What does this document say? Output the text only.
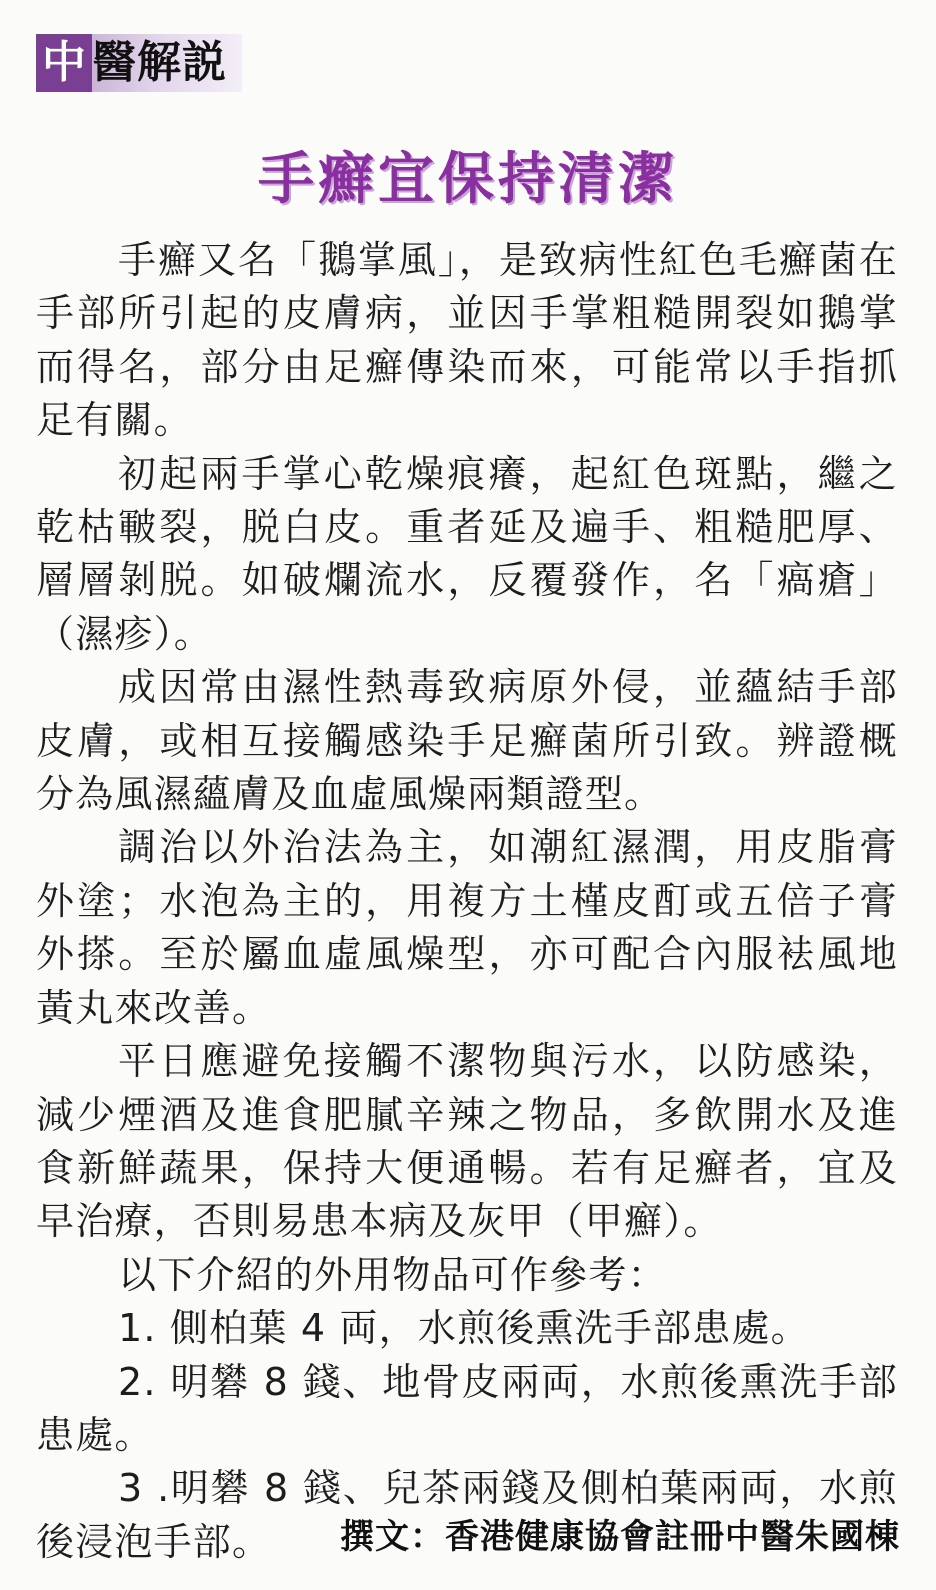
中 醫解説
手癬宜保持清潔

手癬又名「鵝掌風」，是致病性紅色毛癬菌在手部所引起的皮膚病，並因手掌粗糙開裂如鵝掌而得名，部分由足癬傳染而來，可能常以手指抓足有關。

初起兩手掌心乾燥痕癢，起紅色斑點，繼之乾枯皸裂，脱白皮。重者延及遍手、粗糙肥厚、層層剝脱。如破爛流水，反覆發作，名「瘑瘡」（濕疹）。

成因常由濕性熱毒致病原外侵，並蘊結手部皮膚，或相互接觸感染手足癬菌所引致。辨證概分為風濕蘊膚及血虛風燥兩類證型。

調治以外治法為主，如潮紅濕潤，用皮脂膏外塗；水泡為主的，用複方土槿皮酊或五倍子膏外搽。至於屬血虛風燥型，亦可配合內服袪風地黃丸來改善。

平日應避免接觸不潔物與污水，以防感染，減少煙酒及進食肥膩辛辣之物品，多飲開水及進食新鮮蔬果，保持大便通暢。若有足癬者，宜及早治療，否則易患本病及灰甲（甲癬）。

以下介紹的外用物品可作參考：

1. 側柏葉 4 両，水煎後熏洗手部患處。

2. 明礬 8 錢、地骨皮兩両，水煎後熏洗手部患處。

3 .明礬 8 錢、兒茶兩錢及側柏葉兩両，水煎後浸泡手部。	撰文：香港健康協會註冊中醫朱國棟
